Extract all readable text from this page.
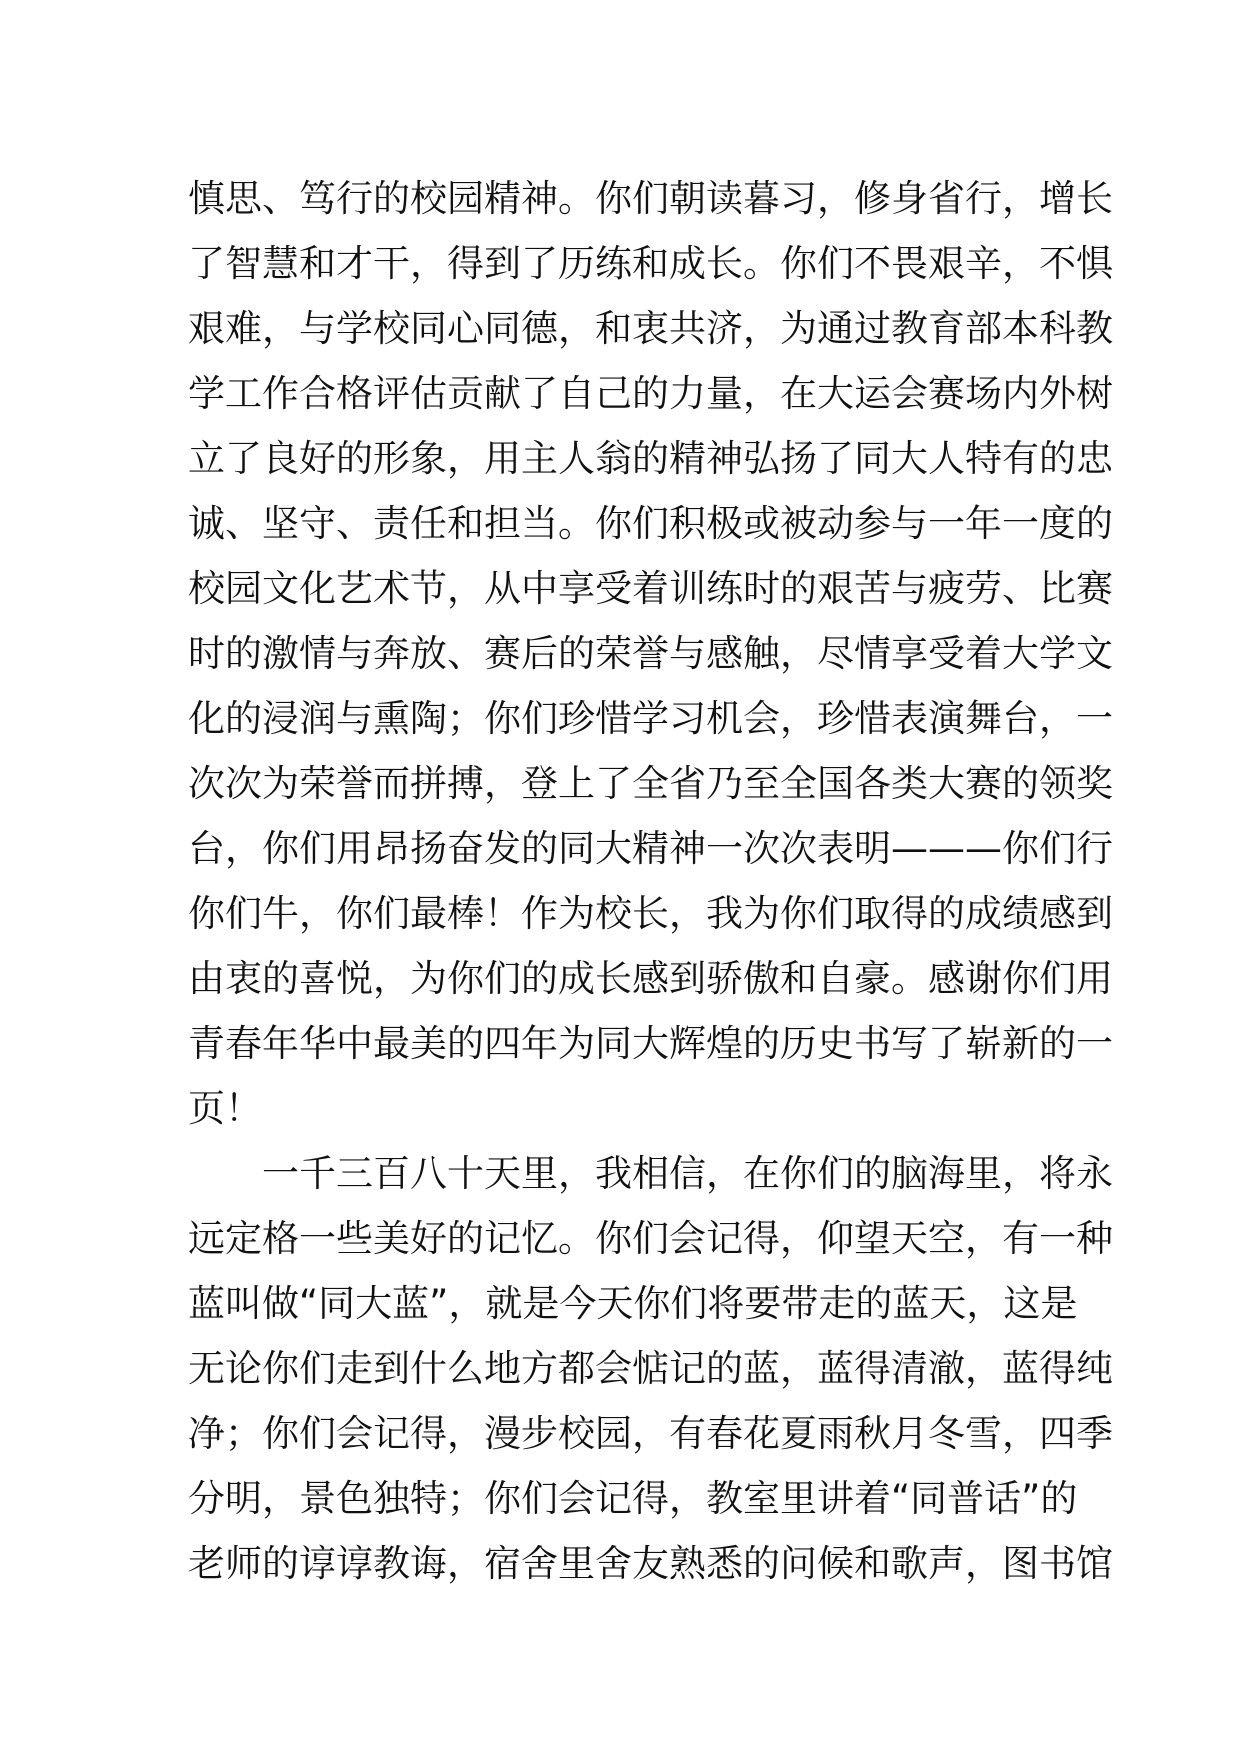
慎思、笃行的校园精神。你们朝读暮习，修身省行，增长
了智慧和才干，得到了历练和成长。你们不畏艰辛，不惧
艰难，与学校同心同德，和衷共济，为通过教育部本科教
学工作合格评估贡献了自己的力量，在大运会赛场内外树
立了良好的形象，用主人翁的精神弘扬了同大人特有的忠
诚、坚守、责任和担当。你们积极或被动参与一年一度的
校园文化艺术节，从中享受着训练时的艰苦与疲劳、比赛
时的激情与奔放、赛后的荣誉与感触，尽情享受着大学文
化的浸润与熏陶；你们珍惜学习机会，珍惜表演舞台，一
次次为荣誉而拼搏，登上了全省乃至全国各类大赛的领奖
台，你们用昂扬奋发的同大精神一次次表明———你们行
你们牛，你们最棒！作为校长，我为你们取得的成绩感到
由衷的喜悦，为你们的成长感到骄傲和自豪。感谢你们用
青春年华中最美的四年为同大辉煌的历史书写了崭新的一
页！
　　一千三百八十天里，我相信，在你们的脑海里，将永
远定格一些美好的记忆。你们会记得，仰望天空，有一种
蓝叫做“同大蓝”，就是今天你们将要带走的蓝天，这是
无论你们走到什么地方都会惦记的蓝，蓝得清澈，蓝得纯
净；你们会记得，漫步校园，有春花夏雨秋月冬雪，四季
分明，景色独特；你们会记得，教室里讲着“同普话”的
老师的谆谆教诲，宿舍里舍友熟悉的问候和歌声，图书馆
